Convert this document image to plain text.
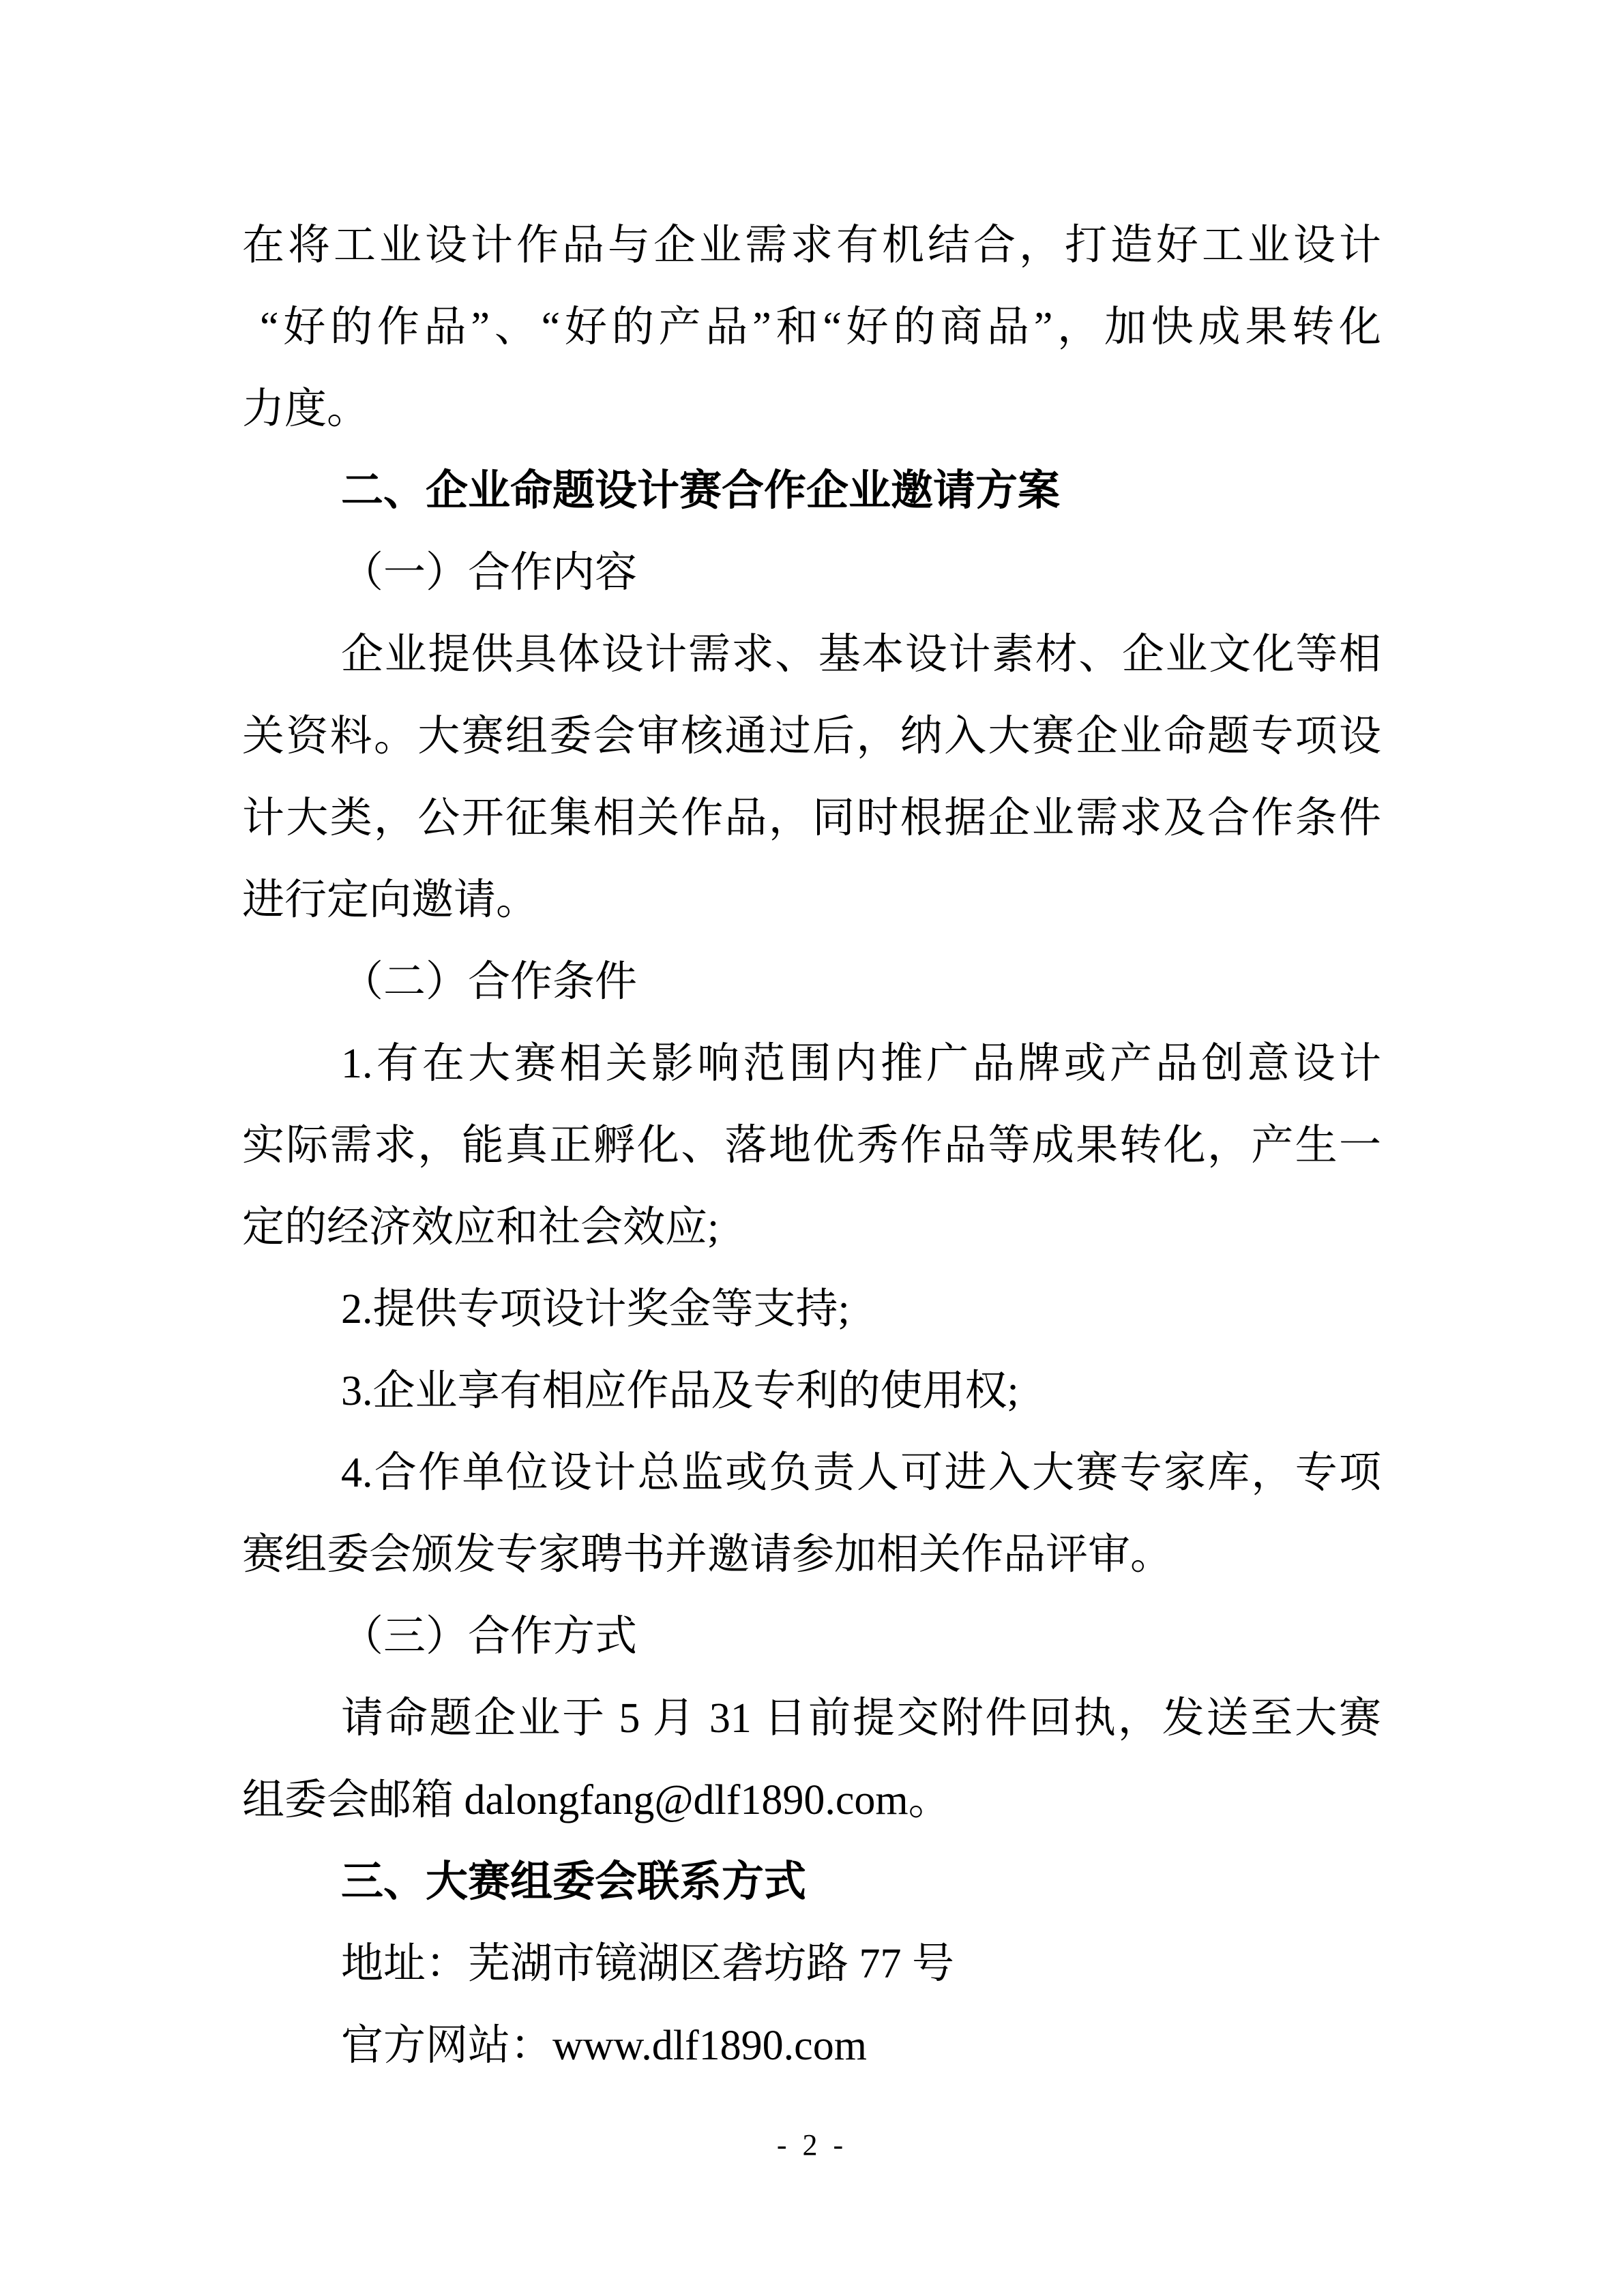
在将工业设计作品与企业需求有机结合，打造好工业设计
“好的作品”、“好的产品”和“好的商品”，加快成果转化
力度。
二、企业命题设计赛合作企业邀请方案
（一）合作内容
企业提供具体设计需求、基本设计素材、企业文化等相
关资料。大赛组委会审核通过后，纳入大赛企业命题专项设
计大类，公开征集相关作品，同时根据企业需求及合作条件
进行定向邀请。
（二）合作条件
1.有在大赛相关影响范围内推广品牌或产品创意设计
实际需求，能真正孵化、落地优秀作品等成果转化，产生一
定的经济效应和社会效应;
2.提供专项设计奖金等支持;
3.企业享有相应作品及专利的使用权;
4.合作单位设计总监或负责人可进入大赛专家库，专项
赛组委会颁发专家聘书并邀请参加相关作品评审。
（三）合作方式
请命题企业于 5 月 31 日前提交附件回执，发送至大赛
组委会邮箱 dalongfang@dlf1890.com。
三、大赛组委会联系方式
地址：芜湖市镜湖区砻坊路 77 号
官方网站：www.dlf1890.com
- 2 -
